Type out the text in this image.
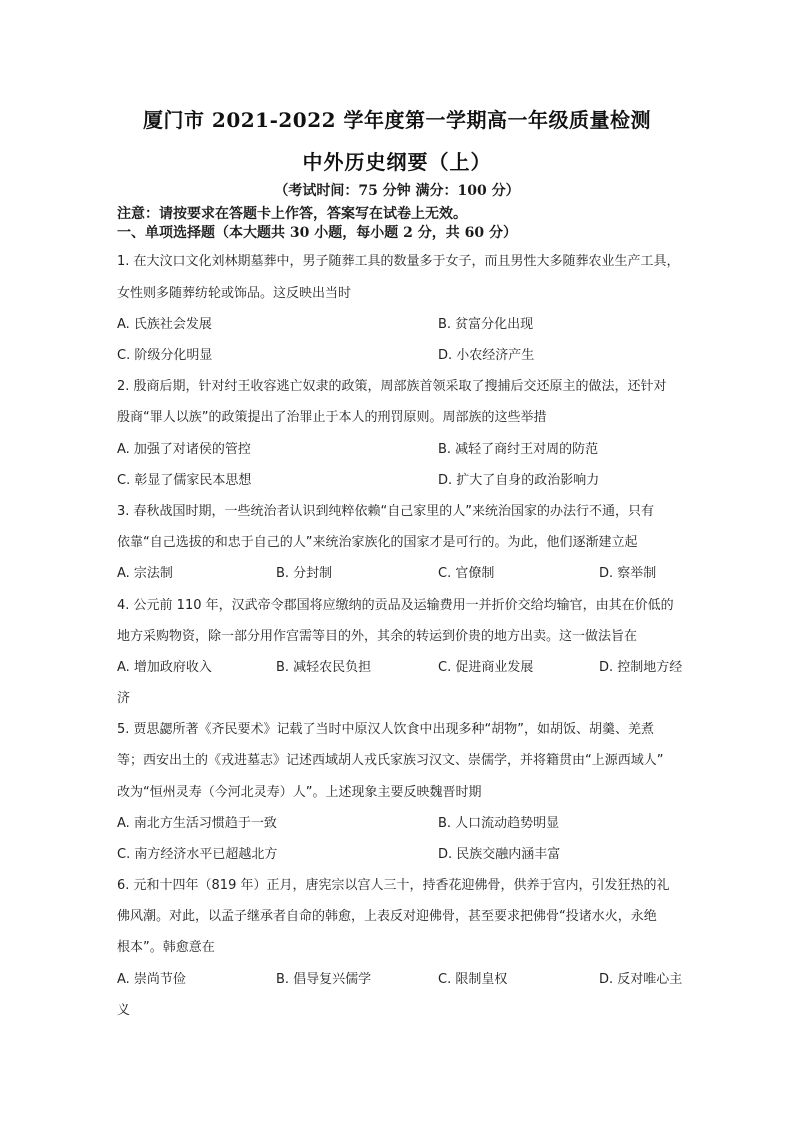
厦门市 2021-2022 学年度第一学期高一年级质量检测
中外历史纲要（上）
（考试时间：75 分钟 满分：100 分）
注意：请按要求在答题卡上作答，答案写在试卷上无效。
一、单项选择题（本大题共 30 小题，每小题 2 分，共 60 分）
1. 在大汶口文化刘林期墓葬中，男子随葬工具的数量多于女子，而且男性大多随葬农业生产工具，
女性则多随葬纺轮或饰品。这反映出当时
A. 氏族社会发展	B. 贫富分化出现
C. 阶级分化明显	D. 小农经济产生
2. 殷商后期，针对纣王收容逃亡奴隶的政策，周部族首领采取了搜捕后交还原主的做法，还针对
殷商“罪人以族”的政策提出了治罪止于本人的刑罚原则。周部族的这些举措
A. 加强了对诸侯的管控	B. 减轻了商纣王对周的防范
C. 彰显了儒家民本思想	D. 扩大了自身的政治影响力
3. 春秋战国时期，一些统治者认识到纯粹依赖“自己家里的人”来统治国家的办法行不通，只有
依靠“自己选拔的和忠于自己的人”来统治家族化的国家才是可行的。为此，他们逐渐建立起
A. 宗法制	B. 分封制	C. 官僚制	D. 察举制
4. 公元前 110 年，汉武帝令郡国将应缴纳的贡品及运输费用一并折价交给均输官，由其在价低的
地方采购物资，除一部分用作宫需等目的外，其余的转运到价贵的地方出卖。这一做法旨在
A. 增加政府收入	B. 减轻农民负担	C. 促进商业发展	D. 控制地方经
济
5. 贾思勰所著《齐民要术》记载了当时中原汉人饮食中出现多种“胡物”，如胡饭、胡羹、羌煮
等；西安出土的《戎进墓志》记述西域胡人戎氏家族习汉文、崇儒学，并将籍贯由“上源西域人”
改为“恒州灵寿（今河北灵寿）人”。上述现象主要反映魏晋时期
A. 南北方生活习惯趋于一致	B. 人口流动趋势明显
C. 南方经济水平已超越北方	D. 民族交融内涵丰富
6. 元和十四年（819 年）正月，唐宪宗以宫人三十，持香花迎佛骨，供养于宫内，引发狂热的礼
佛风潮。对此，以孟子继承者自命的韩愈，上表反对迎佛骨，甚至要求把佛骨“投诸水火，永绝
根本”。韩愈意在
A. 崇尚节俭	B. 倡导复兴儒学	C. 限制皇权	D. 反对唯心主
义
